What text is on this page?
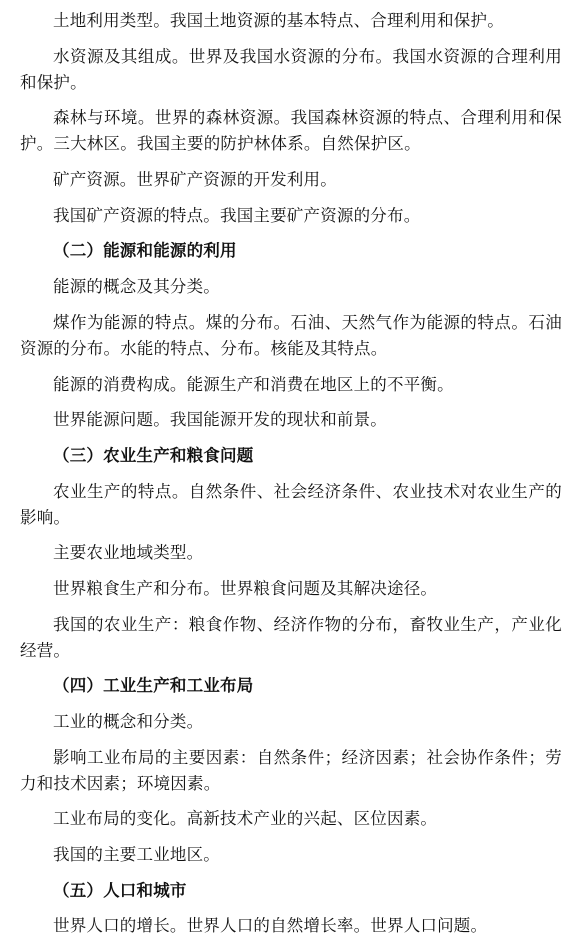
土地利用类型。我国土地资源的基本特点、合理利用和保护。

水资源及其组成。世界及我国水资源的分布。我国水资源的合理利用和保护。

森林与环境。世界的森林资源。我国森林资源的特点、合理利用和保护。三大林区。我国主要的防护林体系。自然保护区。

矿产资源。世界矿产资源的开发利用。

我国矿产资源的特点。我国主要矿产资源的分布。

（二）能源和能源的利用

能源的概念及其分类。

煤作为能源的特点。煤的分布。石油、天然气作为能源的特点。石油资源的分布。水能的特点、分布。核能及其特点。

能源的消费构成。能源生产和消费在地区上的不平衡。

世界能源问题。我国能源开发的现状和前景。

（三）农业生产和粮食问题

农业生产的特点。自然条件、社会经济条件、农业技术对农业生产的影响。

主要农业地域类型。

世界粮食生产和分布。世界粮食问题及其解决途径。

我国的农业生产：粮食作物、经济作物的分布，畜牧业生产，产业化经营。

（四）工业生产和工业布局

工业的概念和分类。

影响工业布局的主要因素：自然条件；经济因素；社会协作条件；劳力和技术因素；环境因素。

工业布局的变化。高新技术产业的兴起、区位因素。

我国的主要工业地区。

（五）人口和城市

世界人口的增长。世界人口的自然增长率。世界人口问题。
